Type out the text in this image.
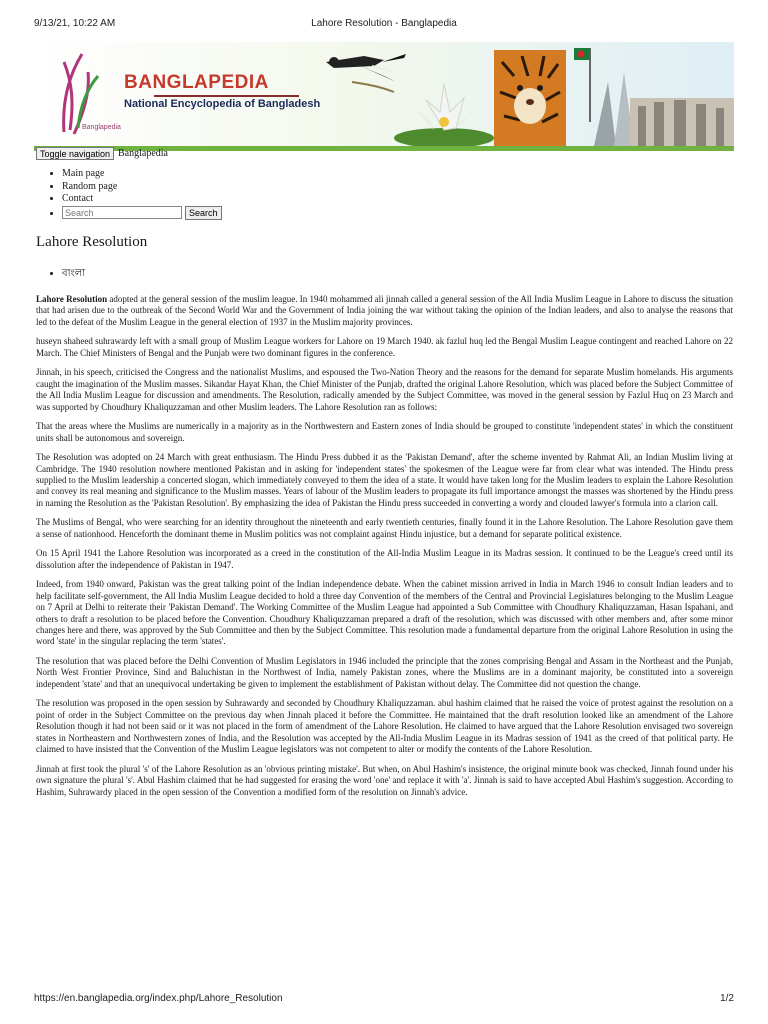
9/13/21, 10:22 AM	Lahore Resolution - Banglapedia
BANGLAPEDIA
National Encyclopedia of Bangladesh
Banglapedia
Toggle navigation Banglapedia
• Main page
• Random page
• Contact
Search
• Search
Lahore Resolution
• বাংলা

Lahore Resolution adopted at the general session of the muslim league. In 1940 mohammed ali jinnah called a general session of the All India Muslim League in Lahore to discuss the situation that had arisen due to the outbreak of the Second World War and the Government of India joining the war without taking the opinion of the Indian leaders, and also to analyse the reasons that led to the defeat of the Muslim League in the general election of 1937 in the Muslim majority provinces.

huseyn shaheed suhrawardy left with a small group of Muslim League workers for Lahore on 19 March 1940. ak fazlul huq led the Bengal Muslim League contingent and reached Lahore on 22 March. The Chief Ministers of Bengal and the Punjab were two dominant figures in the conference.

Jinnah, in his speech, criticised the Congress and the nationalist Muslims, and espoused the Two-Nation Theory and the reasons for the demand for separate Muslim homelands. His arguments caught the imagination of the Muslim masses. Sikandar Hayat Khan, the Chief Minister of the Punjab, drafted the original Lahore Resolution, which was placed before the Subject Committee of the All India Muslim League for discussion and amendments. The Resolution, radically amended by the Subject Committee, was moved in the general session by Fazlul Huq on 23 March and was supported by Choudhury Khaliquzzaman and other Muslim leaders. The Lahore Resolution ran as follows:

That the areas where the Muslims are numerically in a majority as in the Northwestern and Eastern zones of India should be grouped to constitute 'independent states' in which the constituent units shall be autonomous and sovereign.

The Resolution was adopted on 24 March with great enthusiasm. The Hindu Press dubbed it as the 'Pakistan Demand', after the scheme invented by Rahmat Ali, an Indian Muslim living at Cambridge. The 1940 resolution nowhere mentioned Pakistan and in asking for 'independent states' the spokesmen of the League were far from clear what was intended. The Hindu press supplied to the Muslim leadership a concerted slogan, which immediately conveyed to them the idea of a state. It would have taken long for the Muslim leaders to explain the Lahore Resolution and convey its real meaning and significance to the Muslim masses. Years of labour of the Muslim leaders to propagate its full importance amongst the masses was shortened by the Hindu press in naming the Resolution as the 'Pakistan Resolution'. By emphasizing the idea of Pakistan the Hindu press succeeded in converting a wordy and clouded lawyer's formula into a clarion call.

The Muslims of Bengal, who were searching for an identity throughout the nineteenth and early twentieth centuries, finally found it in the Lahore Resolution. The Lahore Resolution gave them a sense of nationhood. Henceforth the dominant theme in Muslim politics was not complaint against Hindu injustice, but a demand for separate political existence.

On 15 April 1941 the Lahore Resolution was incorporated as a creed in the constitution of the All-India Muslim League in its Madras session. It continued to be the League's creed until its dissolution after the independence of Pakistan in 1947.

Indeed, from 1940 onward, Pakistan was the great talking point of the Indian independence debate. When the cabinet mission arrived in India in March 1946 to consult Indian leaders and to help facilitate self-government, the All India Muslim League decided to hold a three day Convention of the members of the Central and Provincial Legislatures belonging to the Muslim League on 7 April at Delhi to reiterate their 'Pakistan Demand'. The Working Committee of the Muslim League had appointed a Sub Committee with Choudhury Khaliquzzaman, Hasan Ispahani, and others to draft a resolution to be placed before the Convention. Choudhury Khaliquzzaman prepared a draft of the resolution, which was discussed with other members and, after some minor changes here and there, was approved by the Sub Committee and then by the Subject Committee. This resolution made a fundamental departure from the original Lahore Resolution in using the word 'state' in the singular replacing the term 'states'.

The resolution that was placed before the Delhi Convention of Muslim Legislators in 1946 included the principle that the zones comprising Bengal and Assam in the Northeast and the Punjab, North West Frontier Province, Sind and Baluchistan in the Northwest of India, namely Pakistan zones, where the Muslims are in a dominant majority, be constituted into a sovereign independent 'state' and that an unequivocal undertaking be given to implement the establishment of Pakistan without delay. The Committee did not question the change.

The resolution was proposed in the open session by Suhrawardy and seconded by Choudhury Khaliquzzaman. abul hashim claimed that he raised the voice of protest against the resolution on a point of order in the Subject Committee on the previous day when Jinnah placed it before the Committee. He maintained that the draft resolution looked like an amendment of the Lahore Resolution though it had not been said or it was not placed in the form of amendment of the Lahore Resolution. He claimed to have argued that the Lahore Resolution envisaged two sovereign states in Northeastern and Northwestern zones of India, and the Resolution was accepted by the All-India Muslim League in its Madras session of 1941 as the creed of that political party. He claimed to have insisted that the Convention of the Muslim League legislators was not competent to alter or modify the contents of the Lahore Resolution.

Jinnah at first took the plural 's' of the Lahore Resolution as an 'obvious printing mistake'. But when, on Abul Hashim's insistence, the original minute book was checked, Jinnah found under his own signature the plural 's'. Abul Hashim claimed that he had suggested for erasing the word 'one' and replace it with 'a'. Jinnah is said to have accepted Abul Hashim's suggestion. According to Hashim, Suhrawardy placed in the open session of the Convention a modified form of the resolution on Jinnah's advice.

https://en.banglapedia.org/index.php/Lahore_Resolution	1/2
